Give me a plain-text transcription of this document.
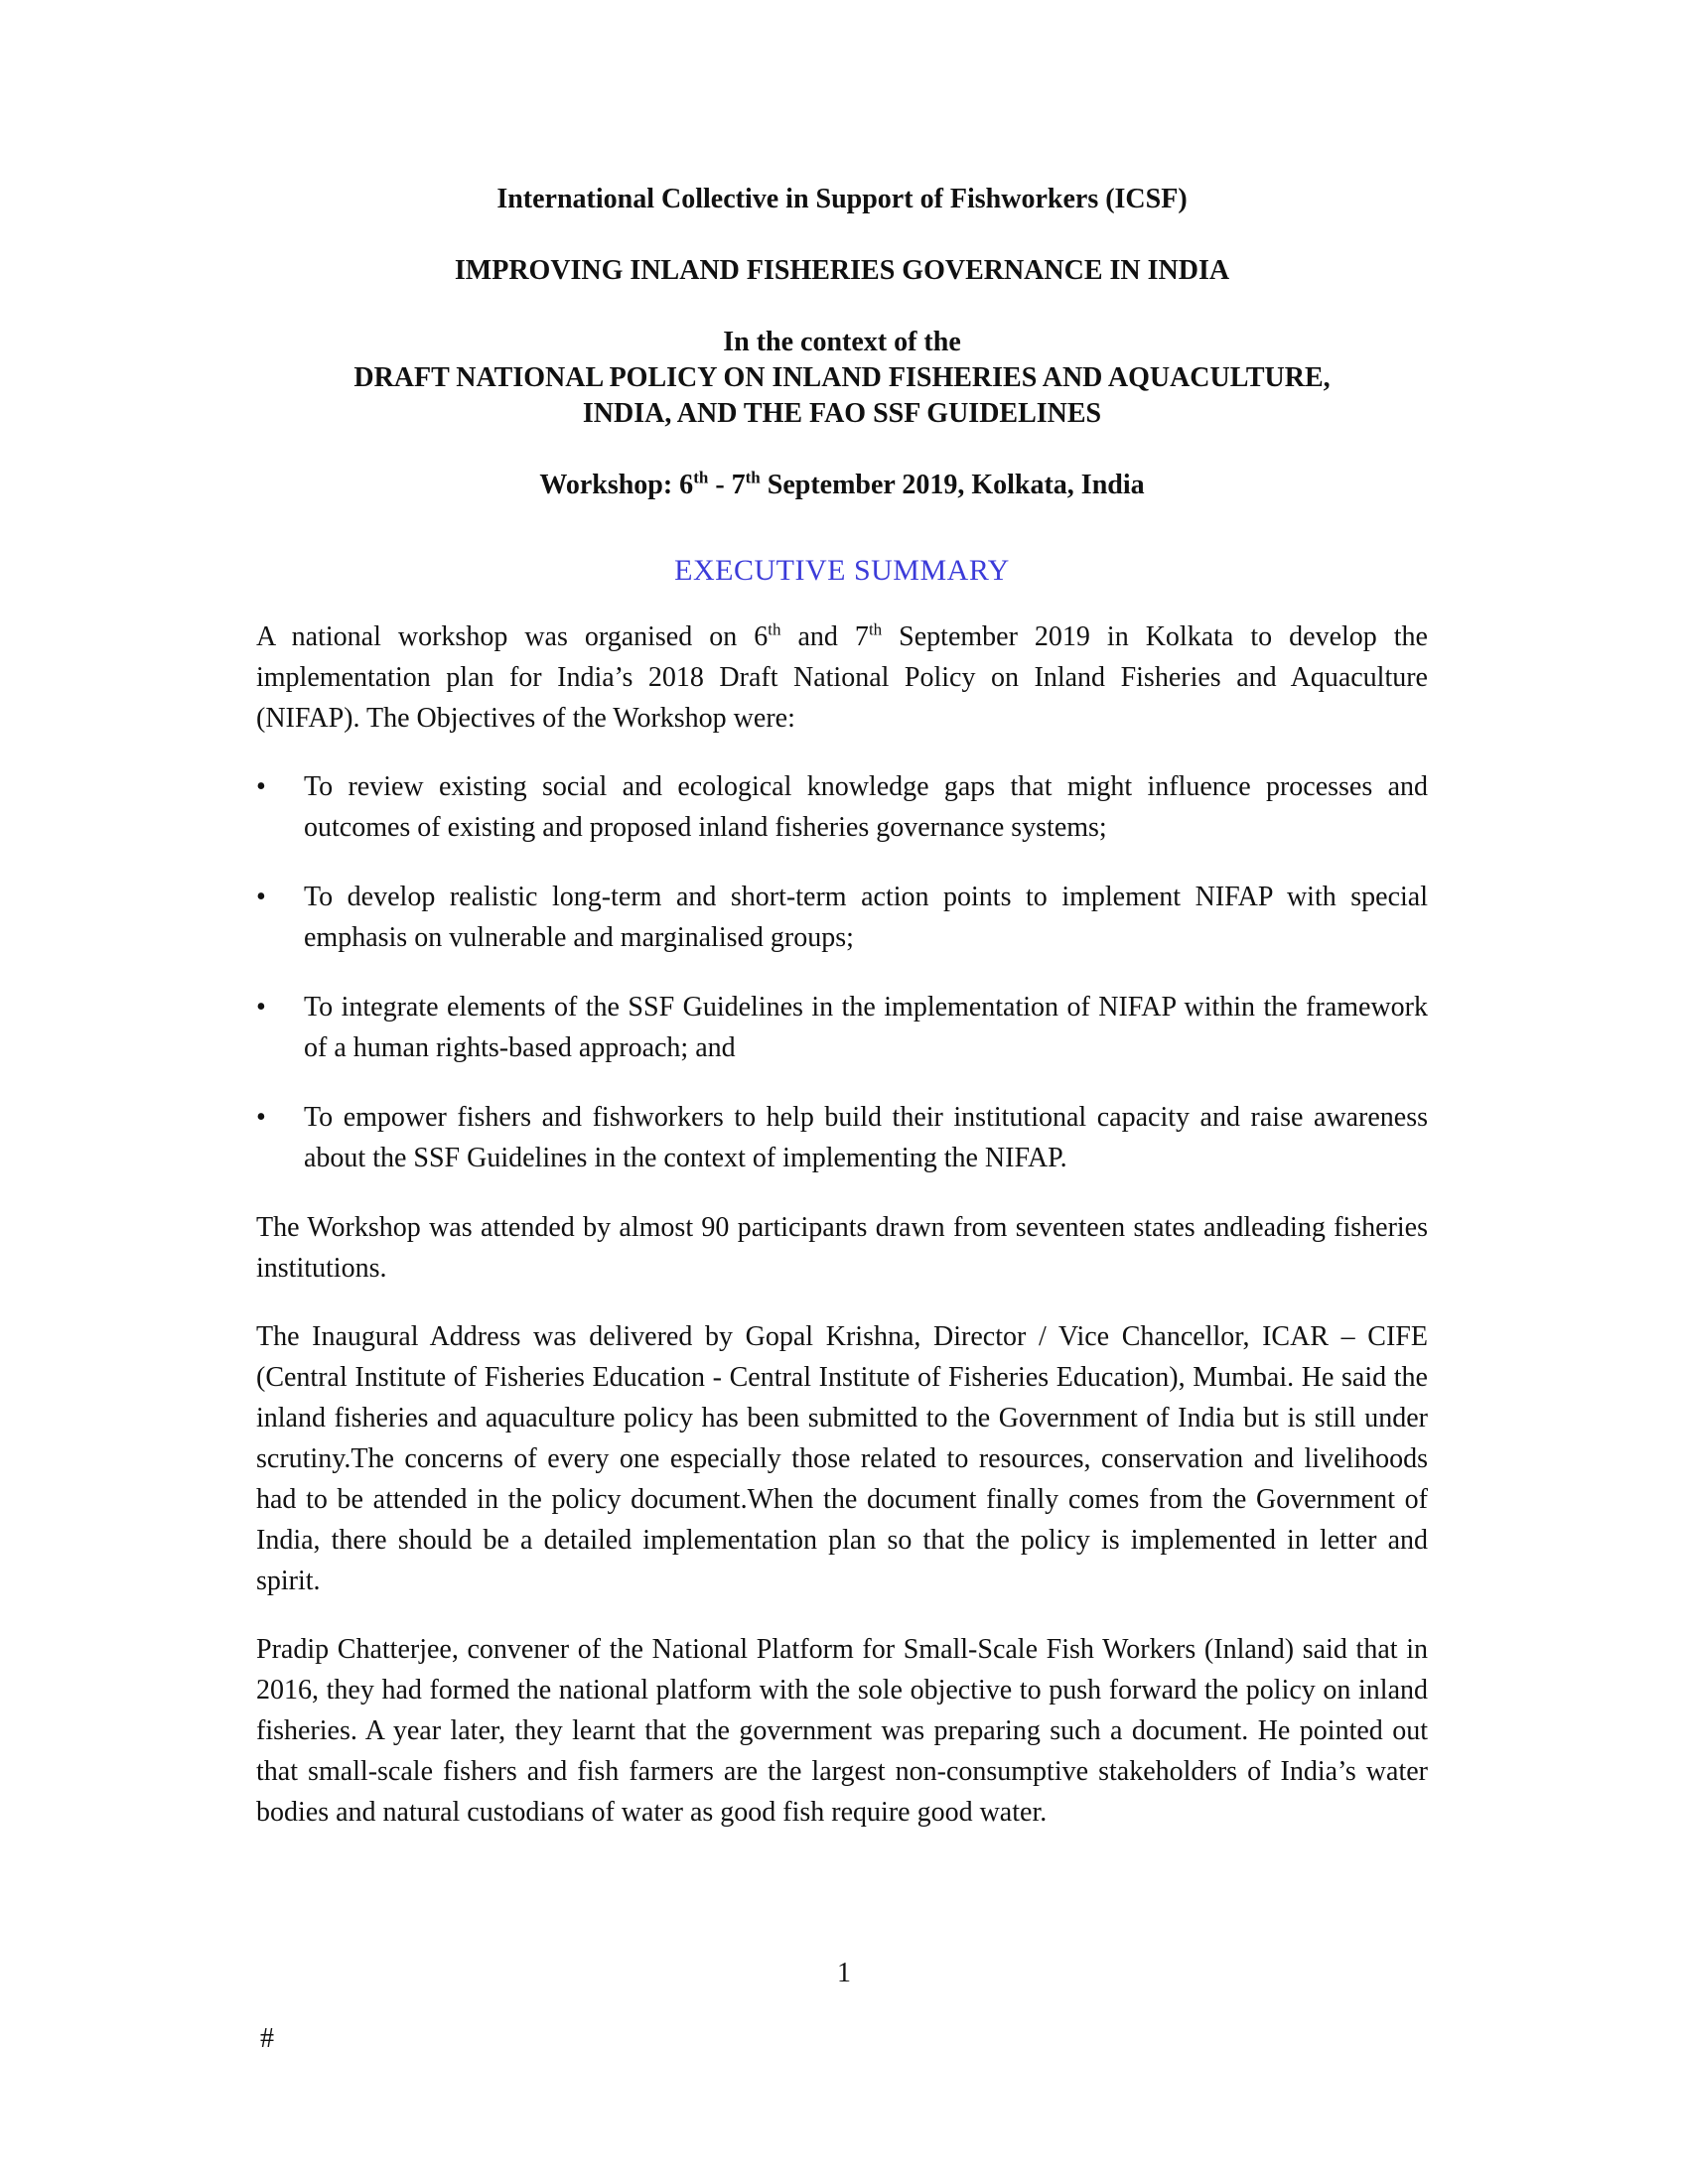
International Collective in Support of Fishworkers (ICSF)
IMPROVING INLAND FISHERIES GOVERNANCE IN INDIA
In the context of the
DRAFT NATIONAL POLICY ON INLAND FISHERIES AND AQUACULTURE,
INDIA, AND THE FAO SSF GUIDELINES
Workshop: 6th - 7th September 2019, Kolkata, India
EXECUTIVE SUMMARY

A national workshop was organised on 6th and 7th September 2019 in Kolkata to develop the implementation plan for India’s 2018 Draft National Policy on Inland Fisheries and Aquaculture (NIFAP). The Objectives of the Workshop were:

•	To review existing social and ecological knowledge gaps that might influence processes and outcomes of existing and proposed inland fisheries governance systems;
•	To develop realistic long-term and short-term action points to implement NIFAP with special emphasis on vulnerable and marginalised groups;
•	To integrate elements of the SSF Guidelines in the implementation of NIFAP within the framework of a human rights-based approach; and
•	To empower fishers and fishworkers to help build their institutional capacity and raise awareness about the SSF Guidelines in the context of implementing the NIFAP.

The Workshop was attended by almost 90 participants drawn from seventeen states andleading fisheries institutions.

The Inaugural Address was delivered by Gopal Krishna, Director / Vice Chancellor, ICAR – CIFE (Central Institute of Fisheries Education - Central Institute of Fisheries Education), Mumbai. He said the inland fisheries and aquaculture policy has been submitted to the Government of India but is still under scrutiny.The concerns of every one especially those related to resources, conservation and livelihoods had to be attended in the policy document.When the document finally comes from the Government of India, there should be a detailed implementation plan so that the policy is implemented in letter and spirit.

Pradip Chatterjee, convener of the National Platform for Small-Scale Fish Workers (Inland) said that in 2016, they had formed the national platform with the sole objective to push forward the policy on inland fisheries. A year later, they learnt that the government was preparing such a document. He pointed out that small-scale fishers and fish farmers are the largest non-consumptive stakeholders of India’s water bodies and natural custodians of water as good fish require good water.

1
#
